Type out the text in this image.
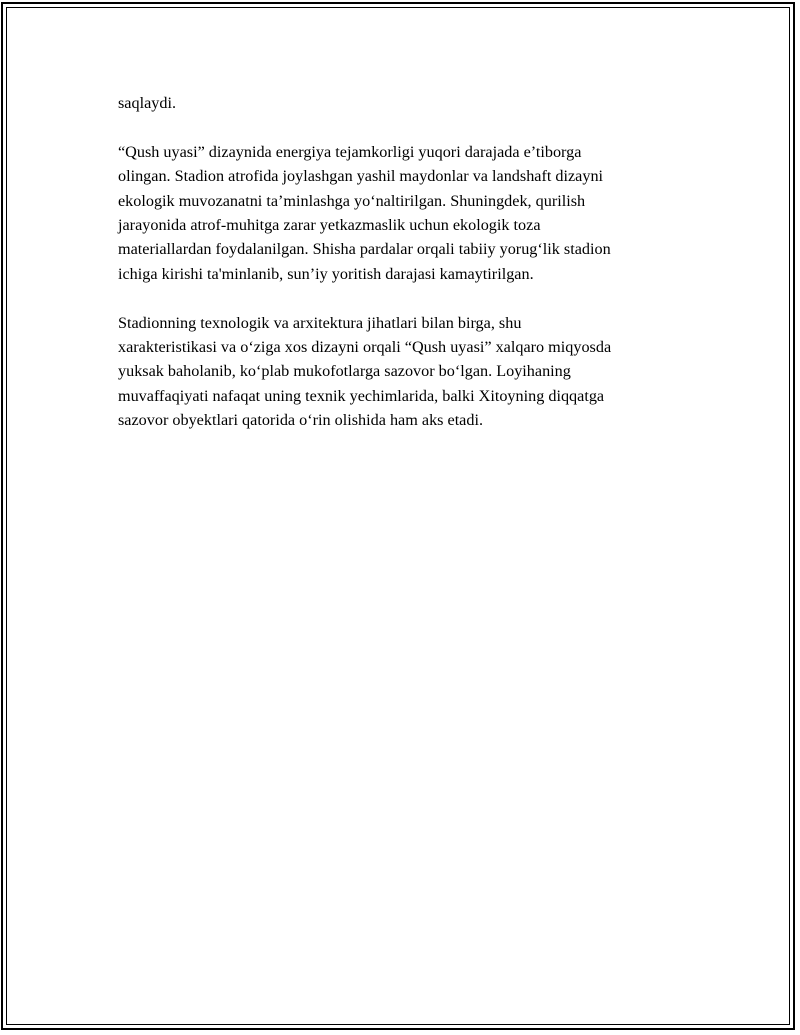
saqlaydi.
“Qush uyasi” dizaynida energiya tejamkorligi yuqori darajada e’tiborga
olingan. Stadion atrofida joylashgan yashil maydonlar va landshaft dizayni
ekologik muvozanatni taʼminlashga yoʻnaltirilgan. Shuningdek, qurilish
jarayonida atrof-muhitga zarar yetkazmaslik uchun ekologik toza
materiallardan foydalanilgan. Shisha pardalar orqali tabiiy yorug‘lik stadion
ichiga kirishi ta'minlanib, sun’iy yoritish darajasi kamaytirilgan.
Stadionning texnologik va arxitektura jihatlari bilan birga, shu
xarakteristikasi va o‘ziga xos dizayni orqali “Qush uyasi” xalqaro miqyosda
yuksak baholanib, ko‘plab mukofotlarga sazovor bo‘lgan. Loyihaning
muvaffaqiyati nafaqat uning texnik yechimlarida, balki Xitoyning diqqatga
sazovor obyektlari qatorida o‘rin olishida ham aks etadi.
